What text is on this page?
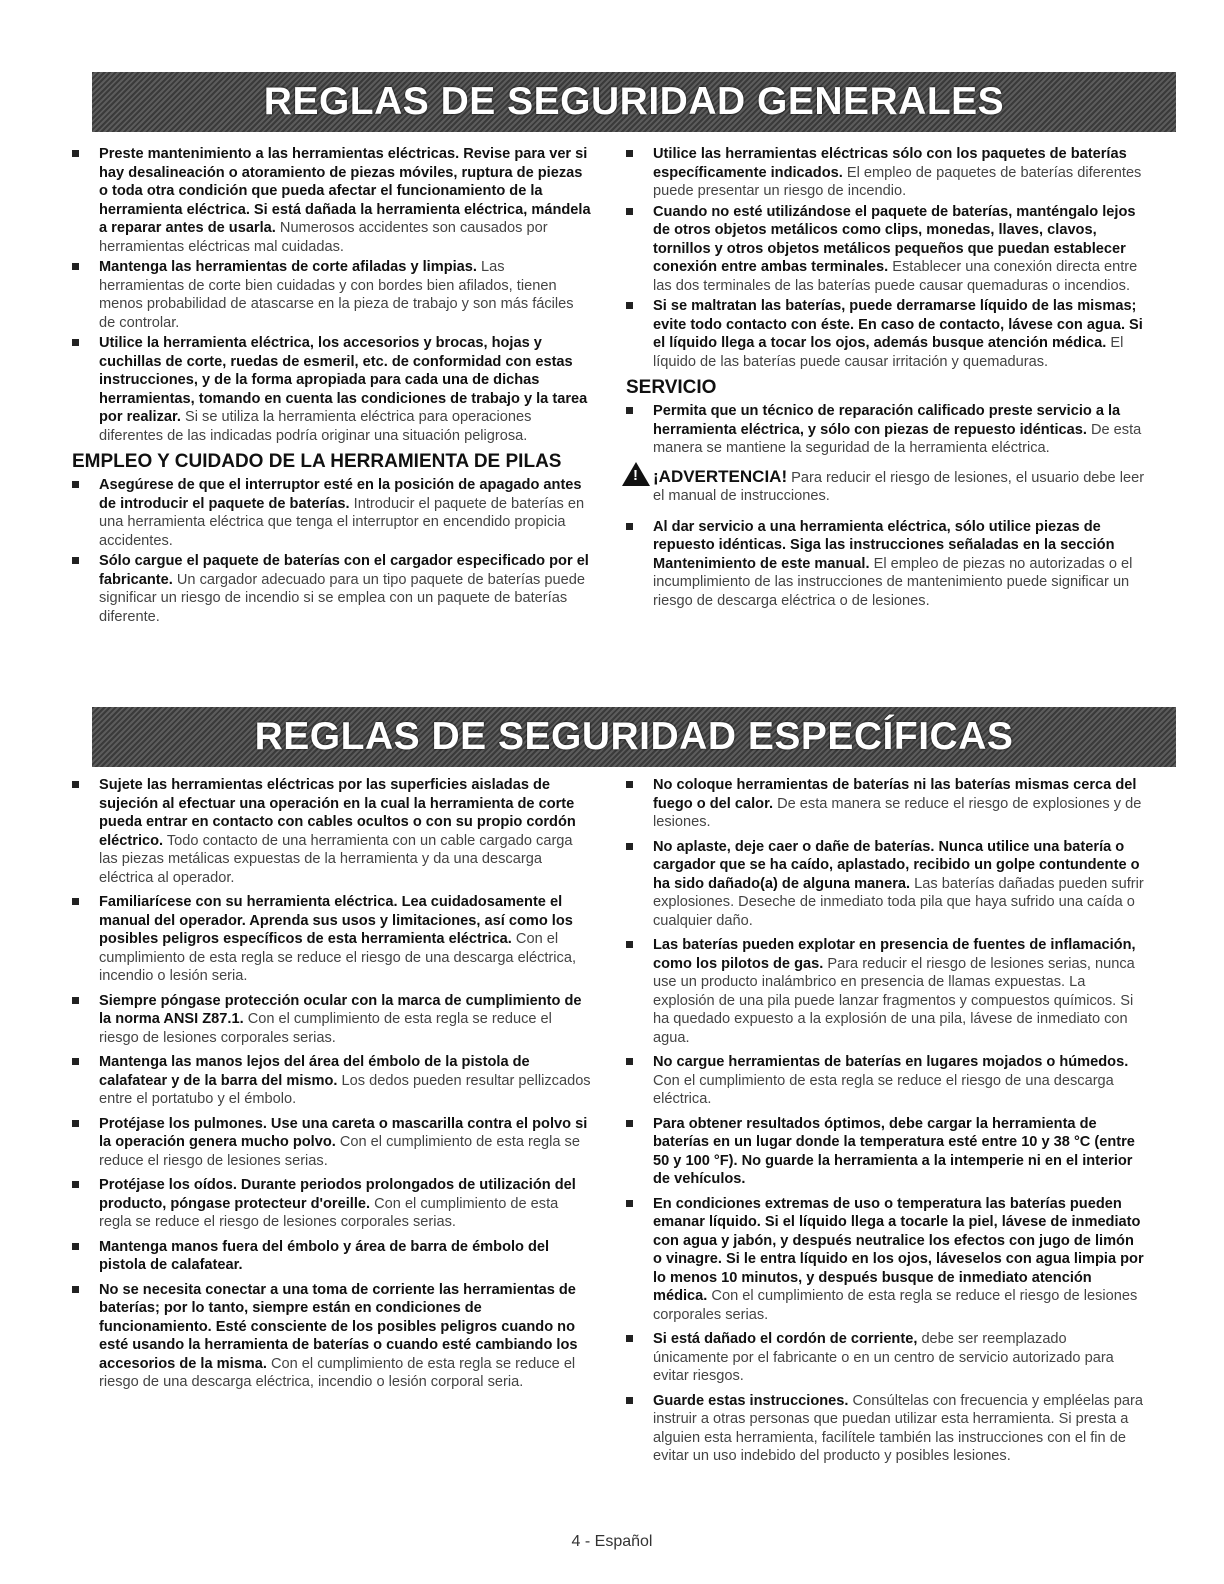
REGLAS DE SEGURIDAD GENERALES
Preste mantenimiento a las herramientas eléctricas. Revise para ver si hay desalineación o atoramiento de piezas móviles, ruptura de piezas o toda otra condición que pueda afectar el funcionamiento de la herramienta eléctrica. Si está dañada la herramienta eléctrica, mándela a reparar antes de usarla. Numerosos accidentes son causados por herramientas eléctricas mal cuidadas.
Mantenga las herramientas de corte afiladas y limpias. Las herramientas de corte bien cuidadas y con bordes bien afilados, tienen menos probabilidad de atascarse en la pieza de trabajo y son más fáciles de controlar.
Utilice la herramienta eléctrica, los accesorios y brocas, hojas y cuchillas de corte, ruedas de esmeril, etc. de conformidad con estas instrucciones, y de la forma apropiada para cada una de dichas herramientas, tomando en cuenta las condiciones de trabajo y la tarea por realizar. Si se utiliza la herramienta eléctrica para operaciones diferentes de las indicadas podría originar una situación peligrosa.
EMPLEO Y CUIDADO DE LA HERRAMIENTA DE PILAS
Asegúrese de que el interruptor esté en la posición de apagado antes de introducir el paquete de baterías. Introducir el paquete de baterías en una herramienta eléctrica que tenga el interruptor en encendido propicia accidentes.
Sólo cargue el paquete de baterías con el cargador especificado por el fabricante. Un cargador adecuado para un tipo paquete de baterías puede significar un riesgo de incendio si se emplea con un paquete de baterías diferente.
Utilice las herramientas eléctricas sólo con los paquetes de baterías específicamente indicados. El empleo de paquetes de baterías diferentes puede presentar un riesgo de incendio.
Cuando no esté utilizándose el paquete de baterías, manténgalo lejos de otros objetos metálicos como clips, monedas, llaves, clavos, tornillos y otros objetos metálicos pequeños que puedan establecer conexión entre ambas terminales. Establecer una conexión directa entre las dos terminales de las baterías puede causar quemaduras o incendios.
Si se maltratan las baterías, puede derramarse líquido de las mismas; evite todo contacto con éste. En caso de contacto, lávese con agua. Si el líquido llega a tocar los ojos, además busque atención médica. El líquido de las baterías puede causar irritación y quemaduras.
SERVICIO
Permita que un técnico de reparación calificado preste servicio a la herramienta eléctrica, y sólo con piezas de repuesto idénticas. De esta manera se mantiene la seguridad de la herramienta eléctrica.
! ¡ADVERTENCIA! Para reducir el riesgo de lesiones, el usuario debe leer el manual de instrucciones.
Al dar servicio a una herramienta eléctrica, sólo utilice piezas de repuesto idénticas. Siga las instrucciones señaladas en la sección Mantenimiento de este manual. El empleo de piezas no autorizadas o el incumplimiento de las instrucciones de mantenimiento puede significar un riesgo de descarga eléctrica o de lesiones.
REGLAS DE SEGURIDAD ESPECÍFICAS
Sujete las herramientas eléctricas por las superficies aisladas de sujeción al efectuar una operación en la cual la herramienta de corte pueda entrar en contacto con cables ocultos o con su propio cordón eléctrico. Todo contacto de una herramienta con un cable cargado carga las piezas metálicas expuestas de la herramienta y da una descarga eléctrica al operador.
Familiarícese con su herramienta eléctrica. Lea cuidadosamente el manual del operador. Aprenda sus usos y limitaciones, así como los posibles peligros específicos de esta herramienta eléctrica. Con el cumplimiento de esta regla se reduce el riesgo de una descarga eléctrica, incendio o lesión seria.
Siempre póngase protección ocular con la marca de cumplimiento de la norma ANSI Z87.1. Con el cumplimiento de esta regla se reduce el riesgo de lesiones corporales serias.
Mantenga las manos lejos del área del émbolo de la pistola de calafatear y de la barra del mismo. Los dedos pueden resultar pellizcados entre el portatubo y el émbolo.
Protéjase los pulmones. Use una careta o mascarilla contra el polvo si la operación genera mucho polvo. Con el cumplimiento de esta regla se reduce el riesgo de lesiones serias.
Protéjase los oídos. Durante periodos prolongados de utilización del producto, póngase protecteur d'oreille. Con el cumplimiento de esta regla se reduce el riesgo de lesiones corporales serias.
Mantenga manos fuera del émbolo y área de barra de émbolo del pistola de calafatear.
No se necesita conectar a una toma de corriente las herramientas de baterías; por lo tanto, siempre están en condiciones de funcionamiento. Esté consciente de los posibles peligros cuando no esté usando la herramienta de baterías o cuando esté cambiando los accesorios de la misma. Con el cumplimiento de esta regla se reduce el riesgo de una descarga eléctrica, incendio o lesión corporal seria.
No coloque herramientas de baterías ni las baterías mismas cerca del fuego o del calor. De esta manera se reduce el riesgo de explosiones y de lesiones.
No aplaste, deje caer o dañe de baterías. Nunca utilice una batería o cargador que se ha caído, aplastado, recibido un golpe contundente o ha sido dañado(a) de alguna manera. Las baterías dañadas pueden sufrir explosiones. Deseche de inmediato toda pila que haya sufrido una caída o cualquier daño.
Las baterías pueden explotar en presencia de fuentes de inflamación, como los pilotos de gas. Para reducir el riesgo de lesiones serias, nunca use un producto inalámbrico en presencia de llamas expuestas. La explosión de una pila puede lanzar fragmentos y compuestos químicos. Si ha quedado expuesto a la explosión de una pila, lávese de inmediato con agua.
No cargue herramientas de baterías en lugares mojados o húmedos. Con el cumplimiento de esta regla se reduce el riesgo de una descarga eléctrica.
Para obtener resultados óptimos, debe cargar la herramienta de baterías en un lugar donde la temperatura esté entre 10 y 38 °C (entre 50 y 100 °F). No guarde la herramienta a la intemperie ni en el interior de vehículos.
En condiciones extremas de uso o temperatura las baterías pueden emanar líquido. Si el líquido llega a tocarle la piel, lávese de inmediato con agua y jabón, y después neutralice los efectos con jugo de limón o vinagre. Si le entra líquido en los ojos, láveselos con agua limpia por lo menos 10 minutos, y después busque de inmediato atención médica. Con el cumplimiento de esta regla se reduce el riesgo de lesiones corporales serias.
Si está dañado el cordón de corriente, debe ser reemplazado únicamente por el fabricante o en un centro de servicio autorizado para evitar riesgos.
Guarde estas instrucciones. Consúltelas con frecuencia y empléelas para instruir a otras personas que puedan utilizar esta herramienta. Si presta a alguien esta herramienta, facilítele también las instrucciones con el fin de evitar un uso indebido del producto y posibles lesiones.
4 - Español
